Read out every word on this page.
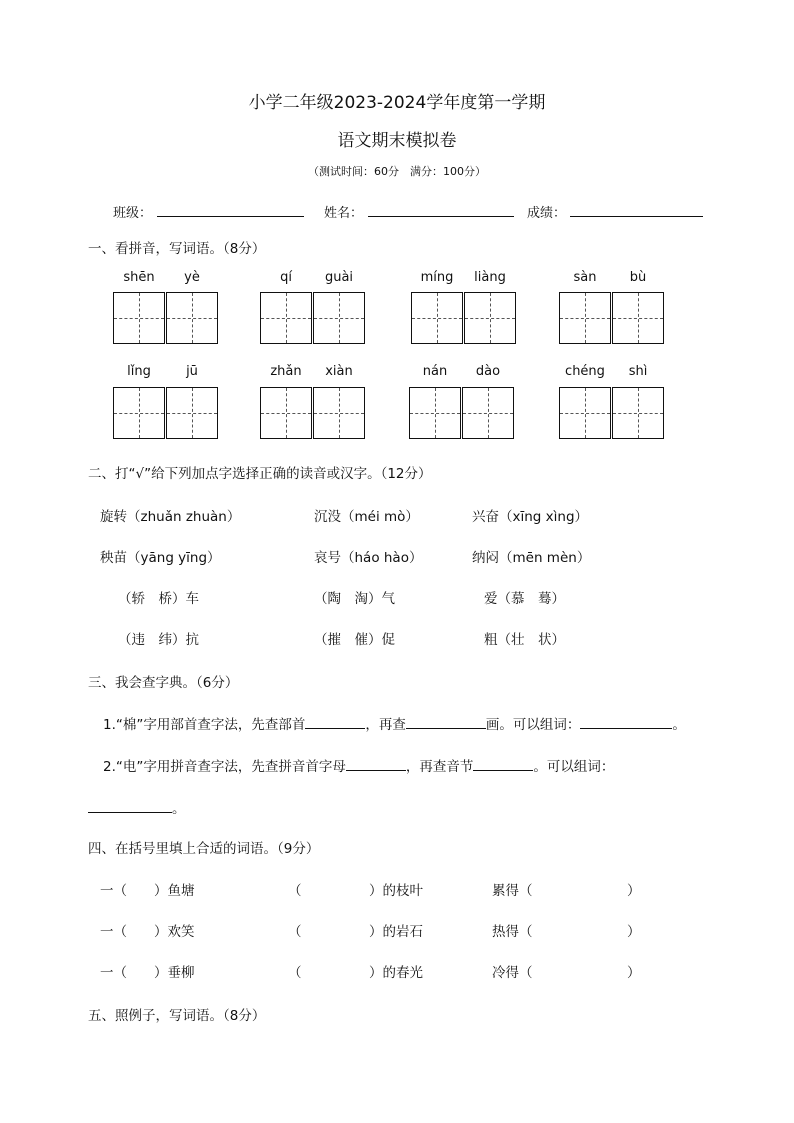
小学二年级2023-2024学年度第一学期
语文期末模拟卷
（测试时间：60分　满分：100分）
班级：	姓名：	成绩：
一、看拼音，写词语。（8分）
shēn	yè	qí	guài	míng	liàng	sàn	bù
lǐng	jū	zhǎn	xiàn	nán	dào	chéng	shì
二、打“√”给下列加点字选择正确的读音或汉字。（12分）
旋转（zhuǎn zhuàn）	沉没（méi mò）	兴奋（xīng xìng）
秧苗（yāng yīng）	哀号（háo hào）	纳闷（mēn mèn）
（轿　桥）车	（陶　淘）气	爱（慕　蓦）
（违　纬）抗	（摧　催）促	粗（壮　状）
三、我会查字典。（6分）
1.“棉”字用部首查字法，先查部首	，再查	画。可以组词：	。
2.“电”字用拼音查字法，先查拼音首字母	，再查音节	。可以组词：
。
四、在括号里填上合适的词语。（9分）
一（　　）鱼塘	（　　　　　）的枝叶	累得（　　　　　　　）
一（　　）欢笑	（　　　　　）的岩石	热得（　　　　　　　）
一（　　）垂柳	（　　　　　）的春光	冷得（　　　　　　　）
五、照例子，写词语。（8分）
